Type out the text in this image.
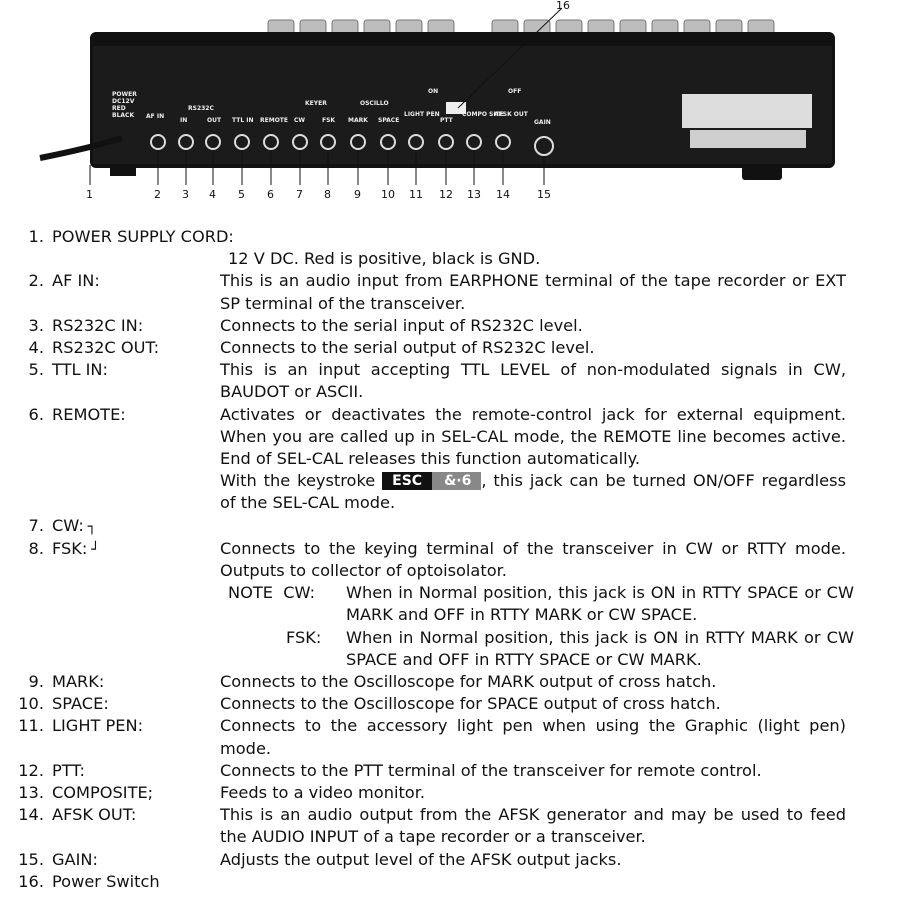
POWER
DC12V
RED
BLACK AF IN
RS232C
IN	OUT TTL IN REMOTE
KEYER
CW	FSK
OSCILLO
MARK SPACE
LIGHT PEN
PTT
COMPO SITE
AFSK OUT
GAIN
ON	OFF
1	2 3 4 5 6 7 8 9 10 11 12 13 14 15
16
1. POWER SUPPLY CORD:
12 V DC. Red is positive, black is GND.
2. AF IN:	This is an audio input from EARPHONE terminal of the tape recorder or EXT SP terminal of the transceiver.
3. RS232C IN:	Connects to the serial input of RS232C level.
4. RS232C OUT:	Connects to the serial output of RS232C level.
5. TTL IN:	This is an input accepting TTL LEVEL of non-modulated signals in CW, BAUDOT or ASCII.
6. REMOTE:	Activates or deactivates the remote-control jack for external equipment. When you are called up in SEL-CAL mode, the REMOTE line becomes active. End of SEL-CAL releases this function automatically.
With the keystroke ESC &·6 , this jack can be turned ON/OFF regardless of the SEL-CAL mode.
7. CW: ┐
8. FSK: ┘	Connects to the keying terminal of the transceiver in CW or RTTY mode. Outputs to collector of optoisolator.
NOTE  CW:	When in Normal position, this jack is ON in RTTY SPACE or CW MARK and OFF in RTTY MARK or CW SPACE.
FSK:	When in Normal position, this jack is ON in RTTY MARK or CW SPACE and OFF in RTTY SPACE or CW MARK.
9. MARK:	Connects to the Oscilloscope for MARK output of cross hatch.
10. SPACE:	Connects to the Oscilloscope for SPACE output of cross hatch.
11. LIGHT PEN:	Connects to the accessory light pen when using the Graphic (light pen) mode.
12. PTT:	Connects to the PTT terminal of the transceiver for remote control.
13. COMPOSITE;	Feeds to a video monitor.
14. AFSK OUT:	This is an audio output from the AFSK generator and may be used to feed the AUDIO INPUT of a tape recorder or a transceiver.
15. GAIN:	Adjusts the output level of the AFSK output jacks.
16. Power Switch
